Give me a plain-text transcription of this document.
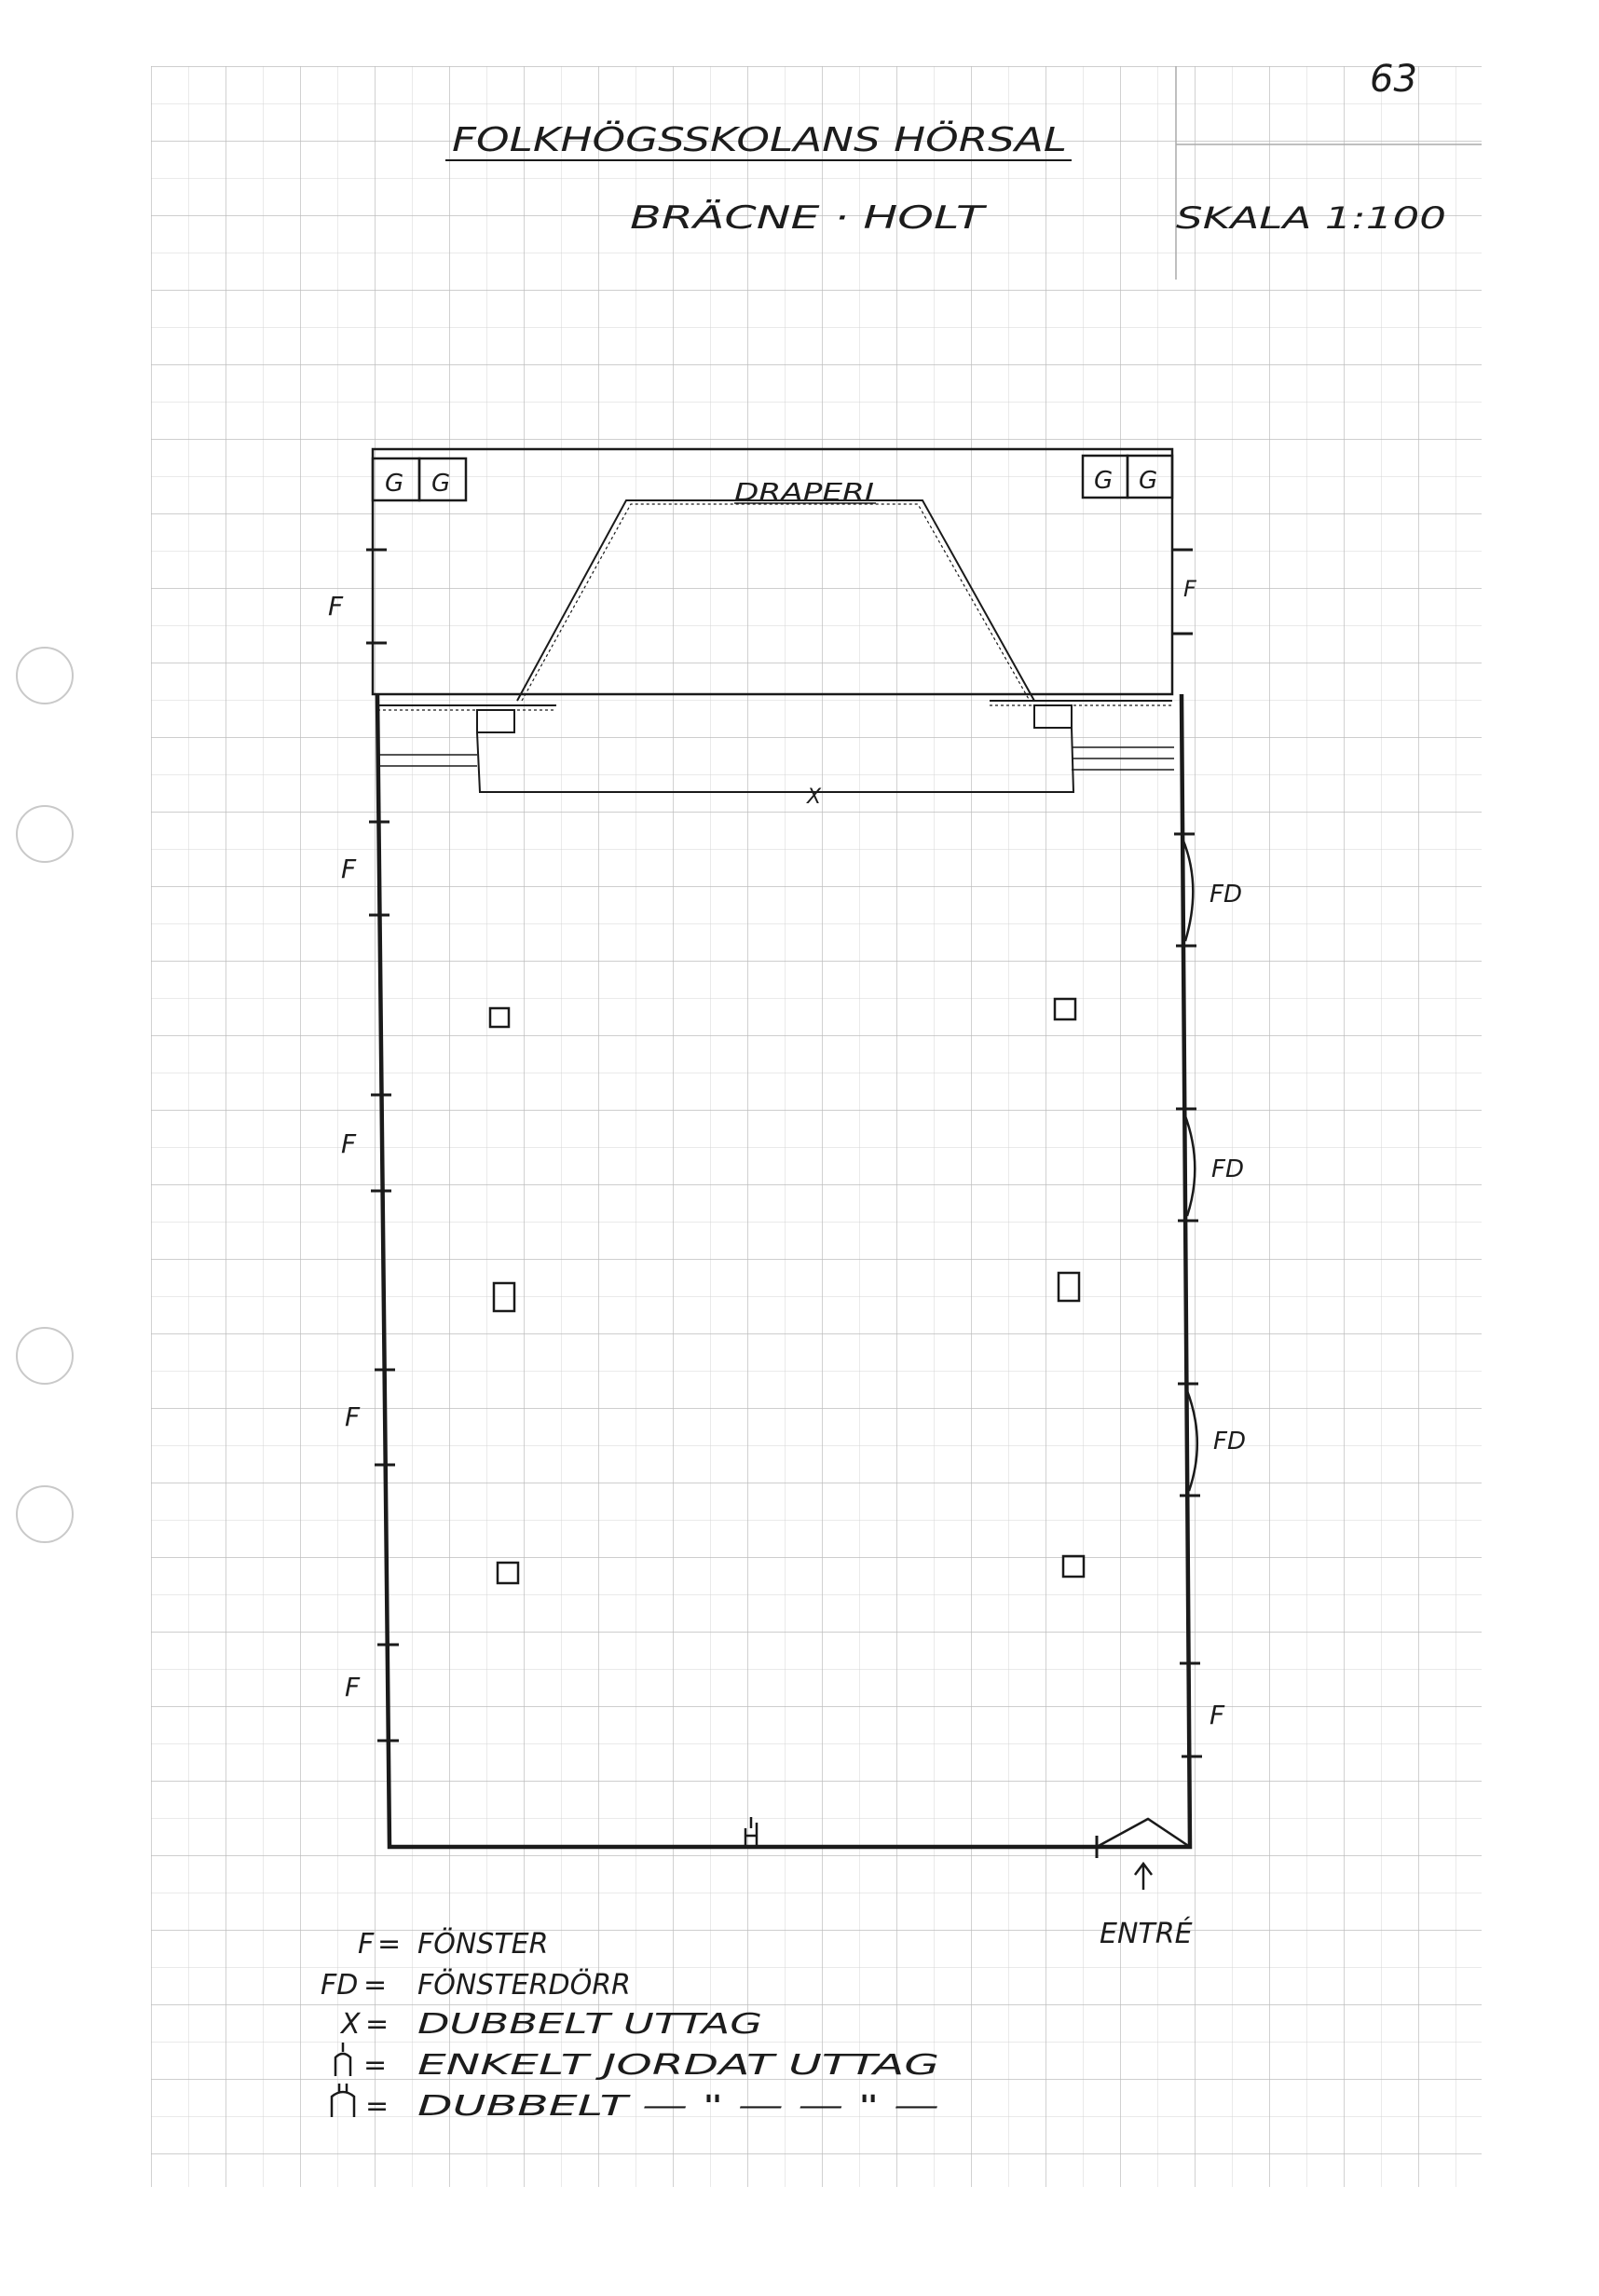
63
FOLKHÖGSSKOLANS HÖRSAL
BRÄCNE · HOLT	SKALA 1:100
G G	G G
DRAPERI
X
F
F
F
F
F
F
FD
FD
FD
F
ENTRÉ
F = FÖNSTER
FD = FÖNSTERDÖRR
X = DUBBELT UTTAG
= ENKELT JORDAT UTTAG
= DUBBELT — " — — " —
